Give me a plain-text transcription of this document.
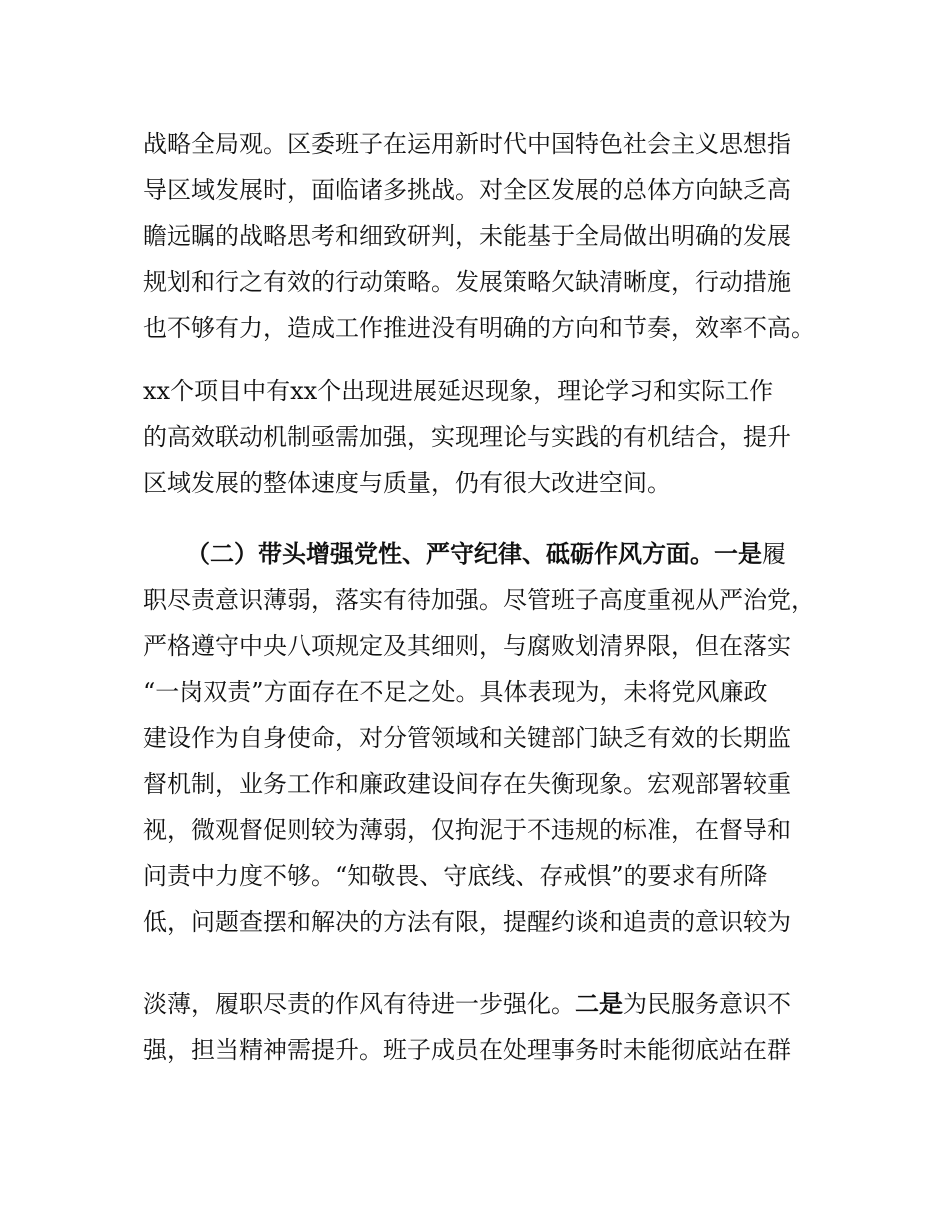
战略全局观。区委班子在运用新时代中国特色社会主义思想指
导区域发展时，面临诸多挑战。对全区发展的总体方向缺乏高
瞻远瞩的战略思考和细致研判，未能基于全局做出明确的发展
规划和行之有效的行动策略。发展策略欠缺清晰度，行动措施
也不够有力，造成工作推进没有明确的方向和节奏，效率不高。
xx个项目中有xx个出现进展延迟现象，理论学习和实际工作
的高效联动机制亟需加强，实现理论与实践的有机结合，提升
区域发展的整体速度与质量，仍有很大改进空间。
（二）带头增强党性、严守纪律、砥砺作风方面。一是履
职尽责意识薄弱，落实有待加强。尽管班子高度重视从严治党，
严格遵守中央八项规定及其细则，与腐败划清界限，但在落实
“一岗双责”方面存在不足之处。具体表现为，未将党风廉政
建设作为自身使命，对分管领域和关键部门缺乏有效的长期监
督机制，业务工作和廉政建设间存在失衡现象。宏观部署较重
视，微观督促则较为薄弱，仅拘泥于不违规的标准，在督导和
问责中力度不够。“知敬畏、守底线、存戒惧”的要求有所降
低，问题查摆和解决的方法有限，提醒约谈和追责的意识较为
淡薄，履职尽责的作风有待进一步强化。二是为民服务意识不
强，担当精神需提升。班子成员在处理事务时未能彻底站在群
